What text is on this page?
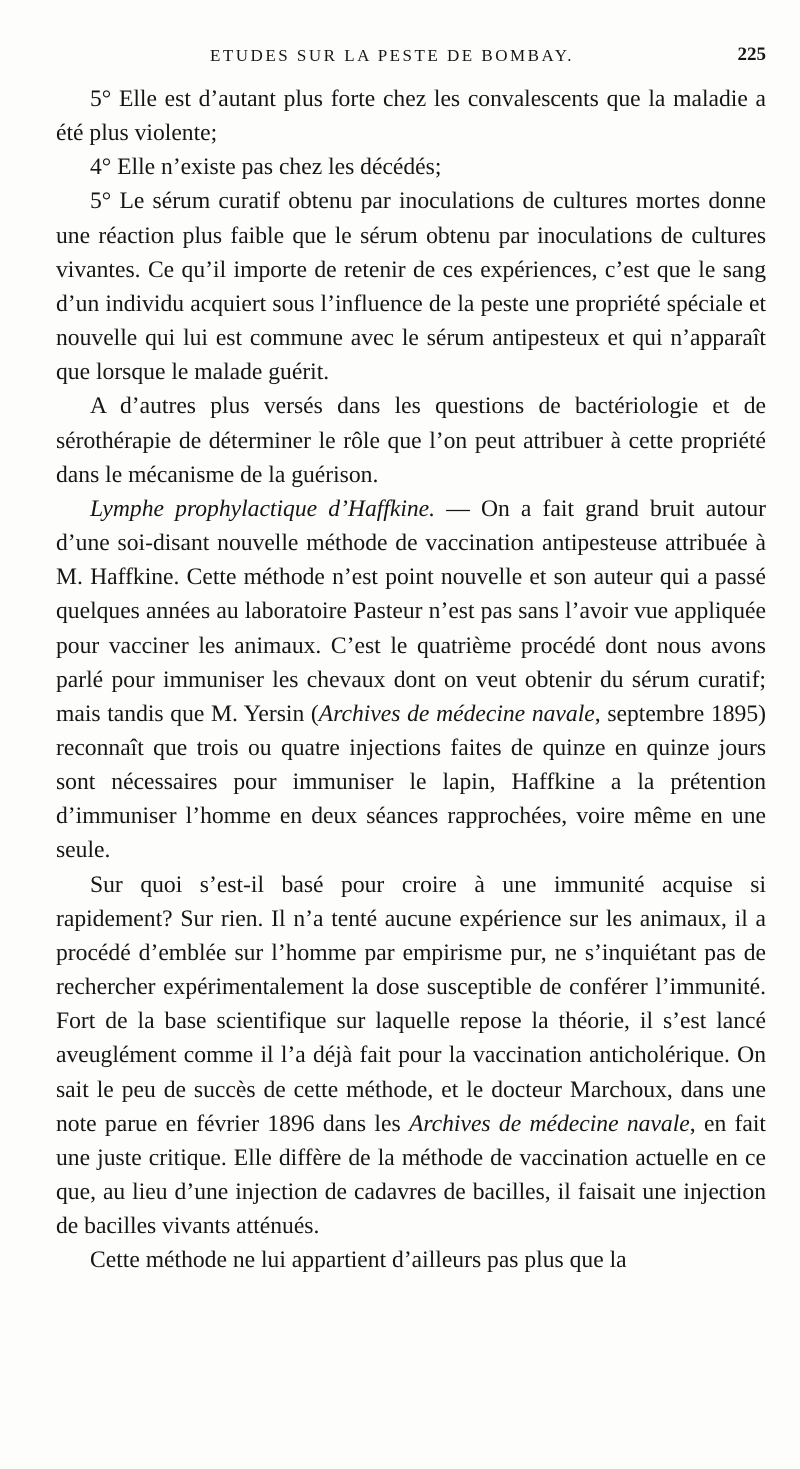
ETUDES SUR LA PESTE DE BOMBAY.	225

5° Elle est d’autant plus forte chez les convalescents que la maladie a été plus violente;

4° Elle n’existe pas chez les décédés;

5° Le sérum curatif obtenu par inoculations de cultures mortes donne une réaction plus faible que le sérum obtenu par inoculations de cultures vivantes. Ce qu’il importe de retenir de ces expériences, c’est que le sang d’un individu acquiert sous l’influence de la peste une propriété spéciale et nouvelle qui lui est commune avec le sérum antipesteux et qui n’apparaît que lorsque le malade guérit.

A d’autres plus versés dans les questions de bactériologie et de sérothérapie de déterminer le rôle que l’on peut attribuer à cette propriété dans le mécanisme de la guérison.

Lymphe prophylactique d’Haffkine. — On a fait grand bruit autour d’une soi-disant nouvelle méthode de vaccination antipesteuse attribuée à M. Haffkine. Cette méthode n’est point nouvelle et son auteur qui a passé quelques années au laboratoire Pasteur n’est pas sans l’avoir vue appliquée pour vacciner les animaux. C’est le quatrième procédé dont nous avons parlé pour immuniser les chevaux dont on veut obtenir du sérum curatif; mais tandis que M. Yersin (Archives de médecine navale, septembre 1895) reconnaît que trois ou quatre injections faites de quinze en quinze jours sont nécessaires pour immuniser le lapin, Haffkine a la prétention d’immuniser l’homme en deux séances rapprochées, voire même en une seule.

Sur quoi s’est-il basé pour croire à une immunité acquise si rapidement? Sur rien. Il n’a tenté aucune expérience sur les animaux, il a procédé d’emblée sur l’homme par empirisme pur, ne s’inquiétant pas de rechercher expérimentalement la dose susceptible de conférer l’immunité. Fort de la base scientifique sur laquelle repose la théorie, il s’est lancé aveuglément comme il l’a déjà fait pour la vaccination anticholérique. On sait le peu de succès de cette méthode, et le docteur Marchoux, dans une note parue en février 1896 dans les Archives de médecine navale, en fait une juste critique. Elle diffère de la méthode de vaccination actuelle en ce que, au lieu d’une injection de cadavres de bacilles, il faisait une injection de bacilles vivants atténués.

Cette méthode ne lui appartient d’ailleurs pas plus que la
